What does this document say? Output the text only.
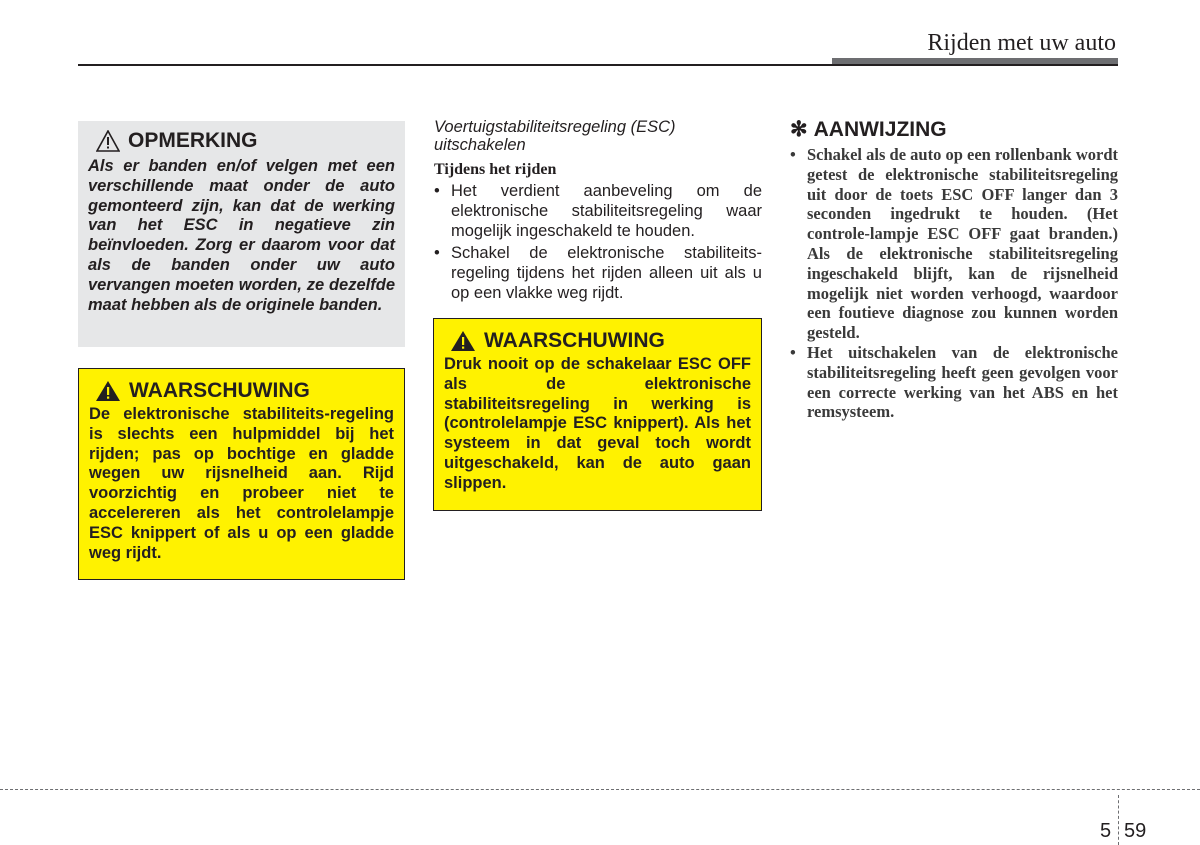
Rijden met uw auto
OPMERKING
Als er banden en/of velgen met een verschillende maat onder de auto gemonteerd zijn, kan dat de werking van het ESC in negatieve zin beïnvloeden. Zorg er daarom voor dat als de banden onder uw auto vervangen moeten worden, ze dezelfde maat hebben als de originele banden.
WAARSCHUWING
De elektronische stabiliteits-regeling is slechts een hulpmiddel bij het rijden; pas op bochtige en gladde wegen uw rijsnelheid aan. Rijd voorzichtig en probeer niet te accelereren als het controlelampje ESC knippert of als u op een gladde weg rijdt.
Voertuigstabiliteitsregeling (ESC) uitschakelen
Tijdens het rijden
• Het verdient aanbeveling om de elektronische stabiliteitsregeling waar mogelijk ingeschakeld te houden.
• Schakel de elektronische stabiliteits-regeling tijdens het rijden alleen uit als u op een vlakke weg rijdt.
WAARSCHUWING
Druk nooit op de schakelaar ESC OFF als de elektronische stabiliteitsregeling in werking is (controlelampje ESC knippert). Als het systeem in dat geval toch wordt uitgeschakeld, kan de auto gaan slippen.
✻ AANWIJZING
• Schakel als de auto op een rollenbank wordt getest de elektronische stabiliteitsregeling uit door de toets ESC OFF langer dan 3 seconden ingedrukt te houden. (Het controle-lampje ESC OFF gaat branden.) Als de elektronische stabiliteitsregeling ingeschakeld blijft, kan de rijsnelheid mogelijk niet worden verhoogd, waardoor een foutieve diagnose zou kunnen worden gesteld.
• Het uitschakelen van de elektronische stabiliteitsregeling heeft geen gevolgen voor een correcte werking van het ABS en het remsysteem.
5 59
